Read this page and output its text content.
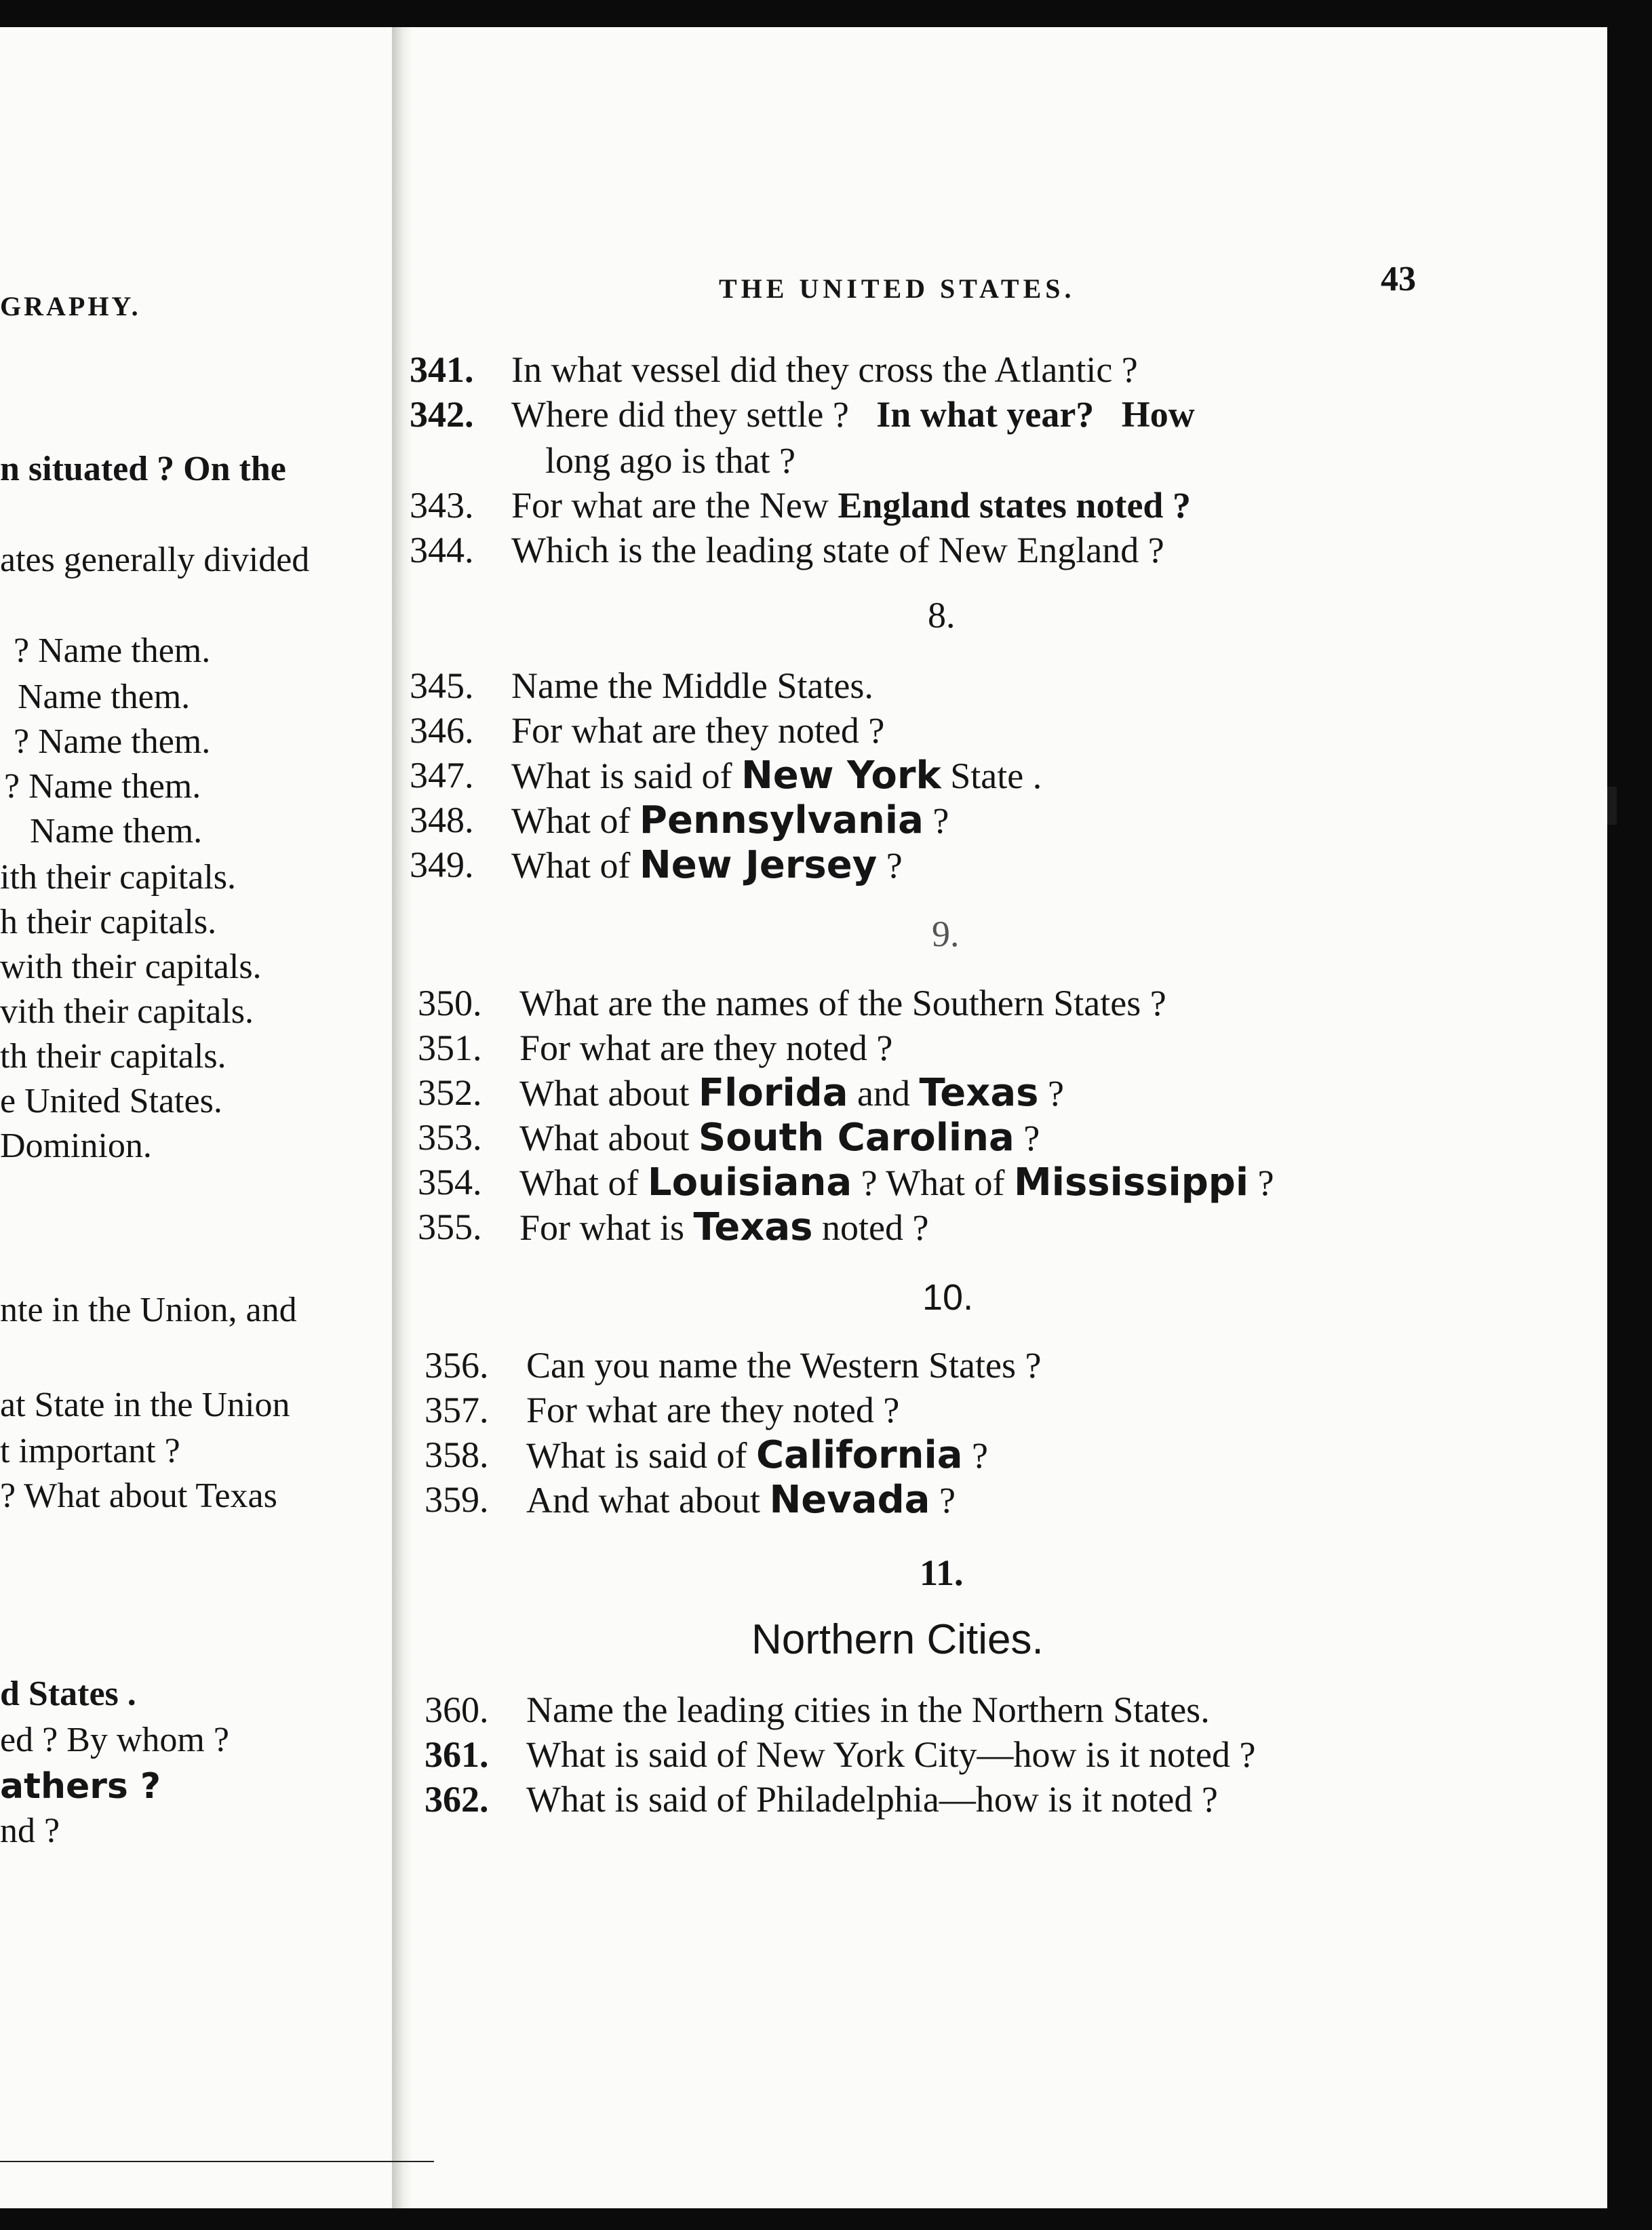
GRAPHY.
n situated ? On the
ates generally divided
? Name them.
Name them.
? Name them.
? Name them.
Name them.
ith their capitals.
h their capitals.
with their capitals.
vith their capitals.
th their capitals.
e United States.
Dominion.
nte in the Union, and
at State in the Union
t important ?
? What about Texas
d States .
ed ? By whom ?
athers ?
nd ?
THE UNITED STATES.	43
341. In what vessel did they cross the Atlantic ?
342. Where did they settle ? In what year? How
long ago is that ?
343. For what are the New England states noted ?
344. Which is the leading state of New England ?
8.
345. Name the Middle States.
346. For what are they noted ?
347. What is said of New York State .
348. What of Pennsylvania ?
349. What of New Jersey ?
9.
350. What are the names of the Southern States ?
351. For what are they noted ?
352. What about Florida and Texas ?
353. What about South Carolina ?
354. What of Louisiana ? What of Mississippi ?
355. For what is Texas noted ?
10.
356. Can you name the Western States ?
357. For what are they noted ?
358. What is said of California ?
359. And what about Nevada ?
11.
Northern Cities.
360. Name the leading cities in the Northern States.
361. What is said of New York City—how is it noted ?
362. What is said of Philadelphia—how is it noted ?
